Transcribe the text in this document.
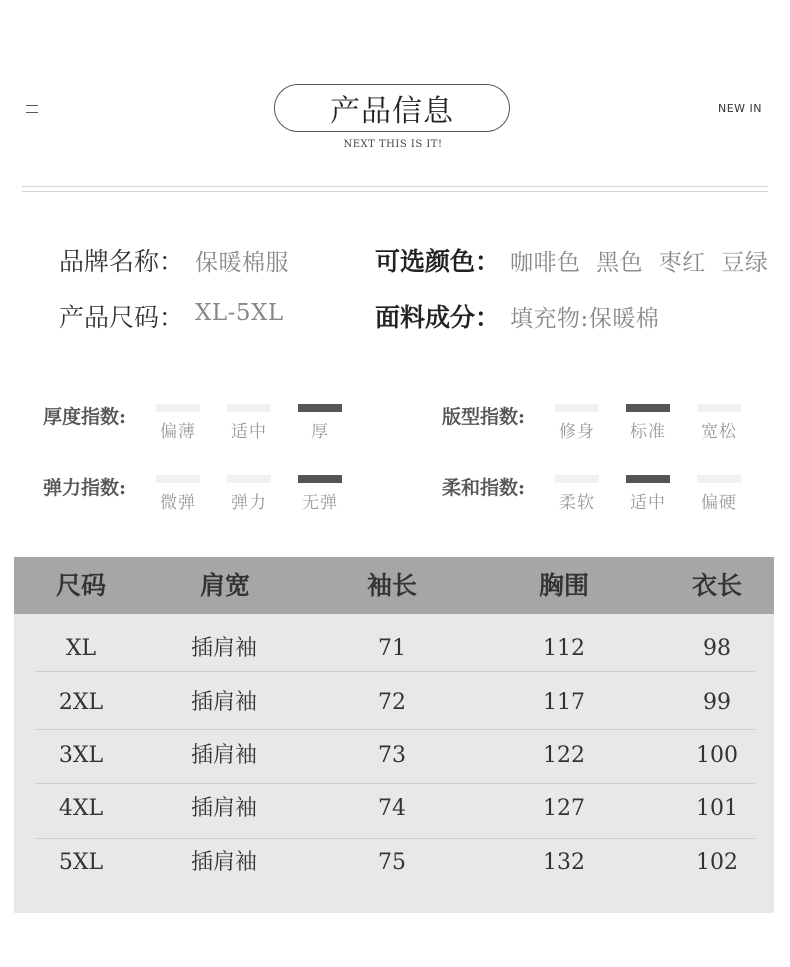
产品信息
NEXT THIS IS IT!
NEW IN
品牌名称： 保暖棉服
产品尺码： XL-5XL
可选颜色： 咖啡色  黑色  枣红  豆绿
面料成分： 填充物:保暖棉
厚度指数:
偏薄 适中	厚
版型指数:
修身 标准 宽松
弹力指数:
微弹 弹力 无弹
柔和指数:
柔软 适中 偏硬
尺码	肩宽	袖长	胸围	衣长
XL	插肩袖	71	112	98
2XL	插肩袖	72	117	99
3XL	插肩袖	73	122	100
4XL	插肩袖	74	127	101
5XL	插肩袖	75	132	102
